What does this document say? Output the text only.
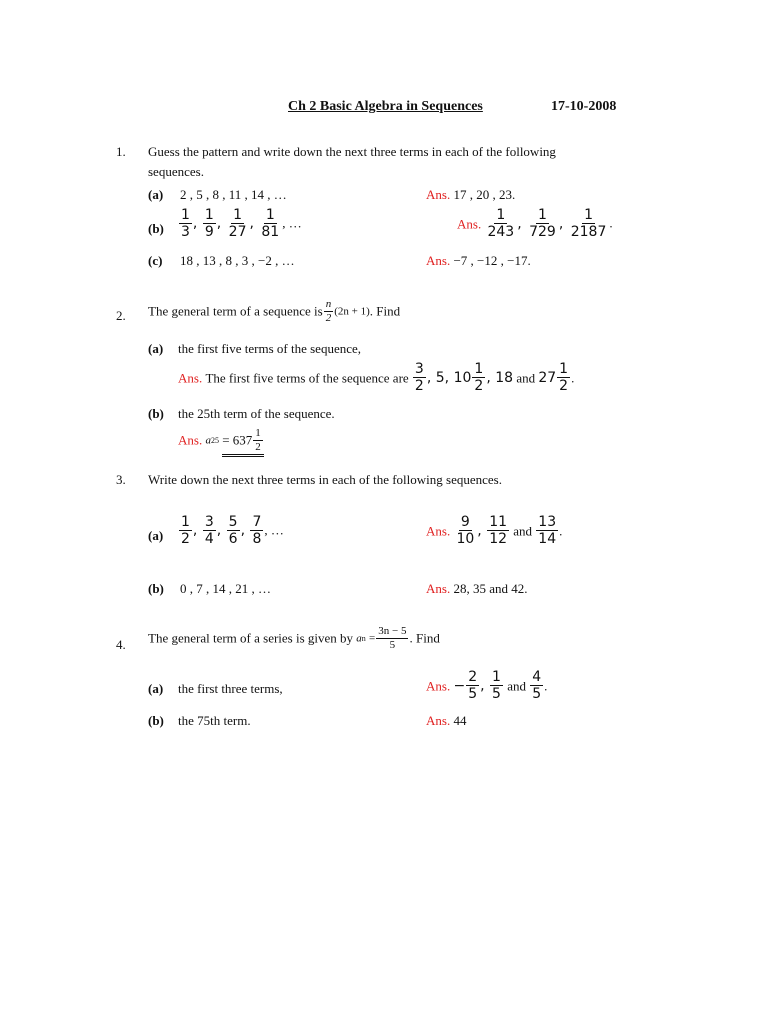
Ch 2 Basic Algebra in Sequences	17-10-2008
1. Guess the pattern and write down the next three terms in each of the following
sequences.
(a) 2 , 5 , 8 , 11 , 14 , …	Ans. 17 , 20 , 23.
$(b) \frac{1}{3}$ , $\frac{1}{9}$ , $\frac{1}{27}$ , $\frac{1}{81}$ , …	Ans. $\frac{1}{243}$ , $\frac{1}{729}$ , $\frac{1}{2187}$ .
(c) 18 , 13 , 8 , 3 , −2 , …	Ans. −7 , −12 , −17.
2. The general term of a sequence is $\frac{n}{2} (2n + 1)$. Find
(a) the first five terms of the sequence,
Ans. The first five terms of the sequence are $\frac{3}{2}$ , 5, $10 \frac{1}{2}$ , 18 and $27 \frac{1}{2}$ .
(b) the 25th term of the sequence.
Ans. $a25 = 637 \frac{1}{2}$
3. Write down the next three terms in each of the following sequences.
$(a) \frac{1}{2}$ , $\frac{3}{4}$ , $\frac{5}{6}$ , $\frac{7}{8}$ , …	Ans. $\frac{9}{10}$ , $\frac{11}{12}$ and $\frac{13}{14}$ .
(b) 0 , 7 , 14 , 21 , …	Ans. 28, 35 and 42.
4. The general term of a series is given by an = $\frac{3n - 5}{5}$ . Find
(a) the first three terms,	Ans. − $\frac{2}{5}$ , $\frac{1}{5}$ and $\frac{4}{5}$ .
(b) the 75th term.	Ans. 44
